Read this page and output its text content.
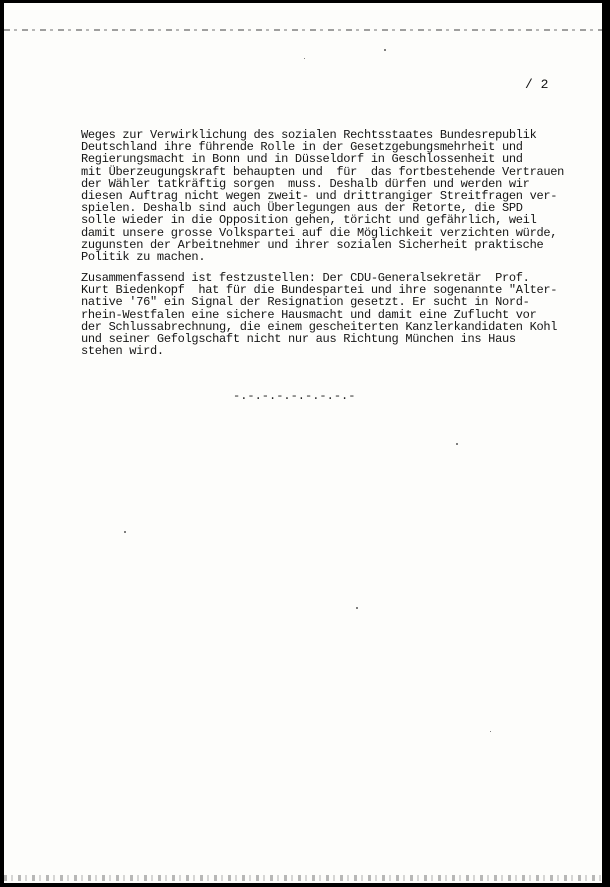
/ 2
Weges zur Verwirklichung des sozialen Rechtsstaates Bundesrepublik
Deutschland ihre führende Rolle in der Gesetzgebungsmehrheit und
Regierungsmacht in Bonn und in Düsseldorf in Geschlossenheit und
mit Überzeugungskraft behaupten und  für  das fortbestehende Vertrauen
der Wähler tatkräftig sorgen  muss. Deshalb dürfen und werden wir
diesen Auftrag nicht wegen zweit- und drittrangiger Streitfragen ver-
spielen. Deshalb sind auch Überlegungen aus der Retorte, die SPD
solle wieder in die Opposition gehen, töricht und gefährlich, weil
damit unsere grosse Volkspartei auf die Möglichkeit verzichten würde,
zugunsten der Arbeitnehmer und ihrer sozialen Sicherheit praktische
Politik zu machen.
Zusammenfassend ist festzustellen: Der CDU-Generalsekretär  Prof.
Kurt Biedenkopf  hat für die Bundespartei und ihre sogenannte "Alter-
native '76" ein Signal der Resignation gesetzt. Er sucht in Nord-
rhein-Westfalen eine sichere Hausmacht und damit eine Zuflucht vor
der Schlussabrechnung, die einem gescheiterten Kanzlerkandidaten Kohl
und seiner Gefolgschaft nicht nur aus Richtung München ins Haus
stehen wird.
-.-.-.-.-.-.-.-.-
